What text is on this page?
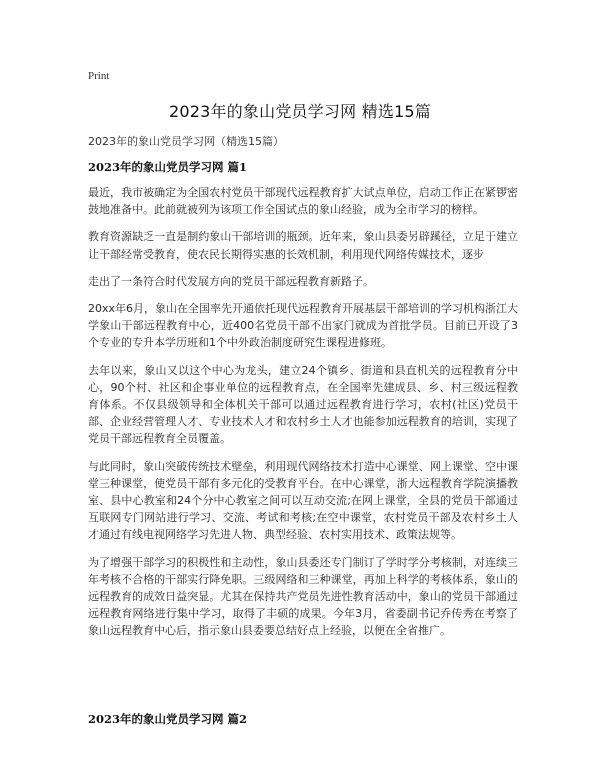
Print
2023年的象山党员学习网 精选15篇
2023年的象山党员学习网（精选15篇）
2023年的象山党员学习网 篇1

最近，我市被确定为全国农村党员干部现代远程教育扩大试点单位，启动工作正在紧锣密鼓地准备中。此前就被列为该项工作全国试点的象山经验，成为全市学习的榜样。

教育资源缺乏一直是制约象山干部培训的瓶颈。近年来，象山县委另辟蹊径，立足于建立让干部经常受教育，使农民长期得实惠的长效机制，利用现代网络传媒技术，逐步

走出了一条符合时代发展方向的党员干部远程教育新路子。

20xx年6月，象山在全国率先开通依托现代远程教育开展基层干部培训的学习机构浙江大学象山干部远程教育中心，近400名党员干部不出家门就成为首批学员。目前已开设了3个专业的专升本学历班和1个中外政治制度研究生课程进修班。

去年以来，象山又以这个中心为龙头，建立24个镇乡、街道和县直机关的远程教育分中心，90个村、社区和企事业单位的远程教育点，在全国率先建成县、乡、村三级远程教育体系。不仅县级领导和全体机关干部可以通过远程教育进行学习，农村(社区)党员干部、企业经营管理人才、专业技术人才和农村乡土人才也能参加远程教育的培训，实现了党员干部远程教育全员覆盖。

与此同时，象山突破传统技术壁垒，利用现代网络技术打造中心课堂、网上课堂、空中课堂三种课堂，使党员干部有多元化的受教育平台。在中心课堂，浙大远程教育学院演播教室、县中心教室和24个分中心教室之间可以互动交流;在网上课堂，全县的党员干部通过互联网专门网站进行学习、交流、考试和考核;在空中课堂，农村党员干部及农村乡土人才通过有线电视网络学习先进人物、典型经验、农村实用技术、政策法规等。

为了增强干部学习的积极性和主动性，象山县委还专门制订了学时学分考核制，对连续三年考核不合格的干部实行降免职。三级网络和三种课堂，再加上科学的考核体系，象山的远程教育的成效日益突显。尤其在保持共产党员先进性教育活动中，象山的党员干部通过远程教育网络进行集中学习，取得了丰硕的成果。今年3月，省委副书记乔传秀在考察了象山远程教育中心后，指示象山县委要总结好点上经验，以便在全省推广。

2023年的象山党员学习网 篇2
